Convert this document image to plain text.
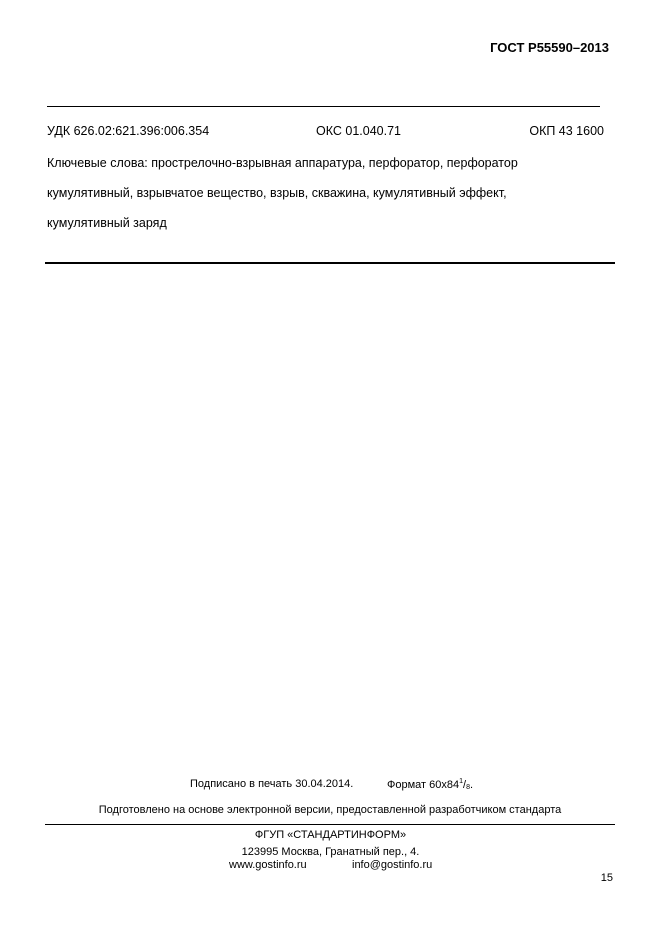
ГОСТ Р55590–2013
УДК 626.02:621.396:006.354	ОКС 01.040.71	ОКП 43 1600
Ключевые слова: прострелочно-взрывная аппаратура, перфоратор, перфоратор
кумулятивный, взрывчатое вещество, взрыв, скважина, кумулятивный эффект,
кумулятивный заряд
Подписано в печать 30.04.2014.	Формат $60х84^1/_8$.
Подготовлено на основе электронной версии, предоставленной разработчиком стандарта
ФГУП «СТАНДАРТИНФОРМ»
123995 Москва, Гранатный пер., 4.
www.gostinfo.ru	info@gostinfo.ru
15
